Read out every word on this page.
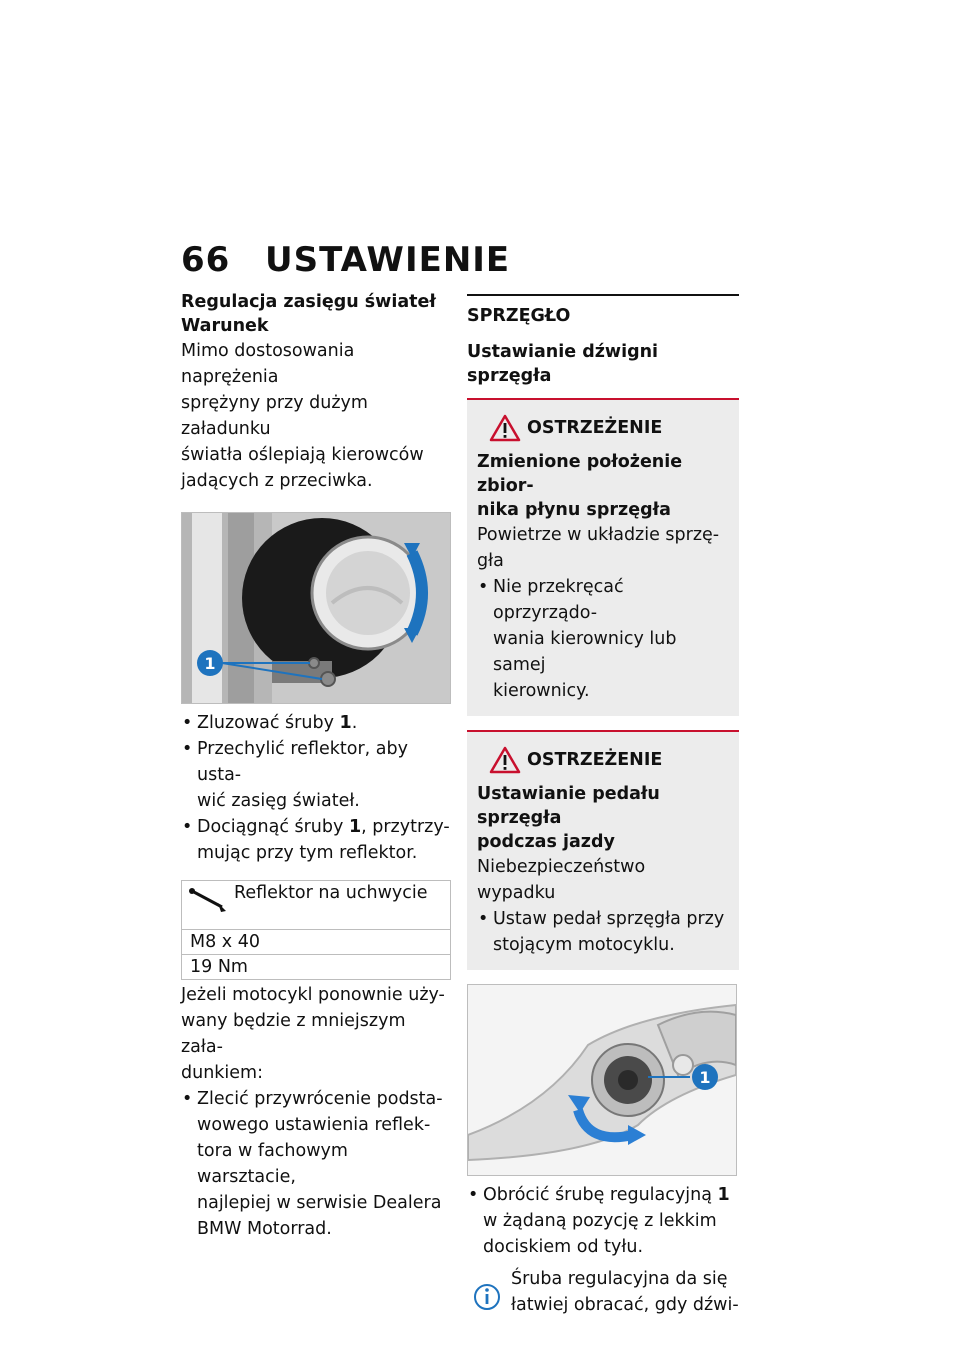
66 USTAWIENIE

Regulacja zasięgu świateł

Warunek

Mimo dostosowania naprężenia

sprężyny przy dużym załadunku

światła oślepiają kierowców

jadących z przeciwka.

1
• Zluzować śruby 1.
• Przechylić reflektor, aby usta-
wić zasięg świateł.
• Dociągnąć śruby 1, przytrzy-
mując przy tym reflektor.
Reflektor na uchwycie
M8 x 40
19 Nm

Jeżeli motocykl ponownie uży-

wany będzie z mniejszym zała-

dunkiem:

• Zlecić przywrócenie podsta-
wowego ustawienia reflek-
tora w fachowym warsztacie,
najlepiej w serwisie Dealera
BMW Motorrad.

SPRZĘGŁO

Ustawianie dźwigni sprzęgła

OSTRZEŻENIE

Zmienione położenie zbior-
nika płynu sprzęgła

Powietrze w układzie sprzę-
gła

• Nie przekręcać oprzyrządo-
wania kierownicy lub samej
kierownicy.
OSTRZEŻENIE

Ustawianie pedału sprzęgła
podczas jazdy

Niebezpieczeństwo wypadku

• Ustaw pedał sprzęgła przy
stojącym motocyklu.
1
• Obrócić śrubę regulacyjną 1
w żądaną pozycję z lekkim
dociskiem od tyłu.

Śruba regulacyjna da się

łatwiej obracać, gdy dźwi-
